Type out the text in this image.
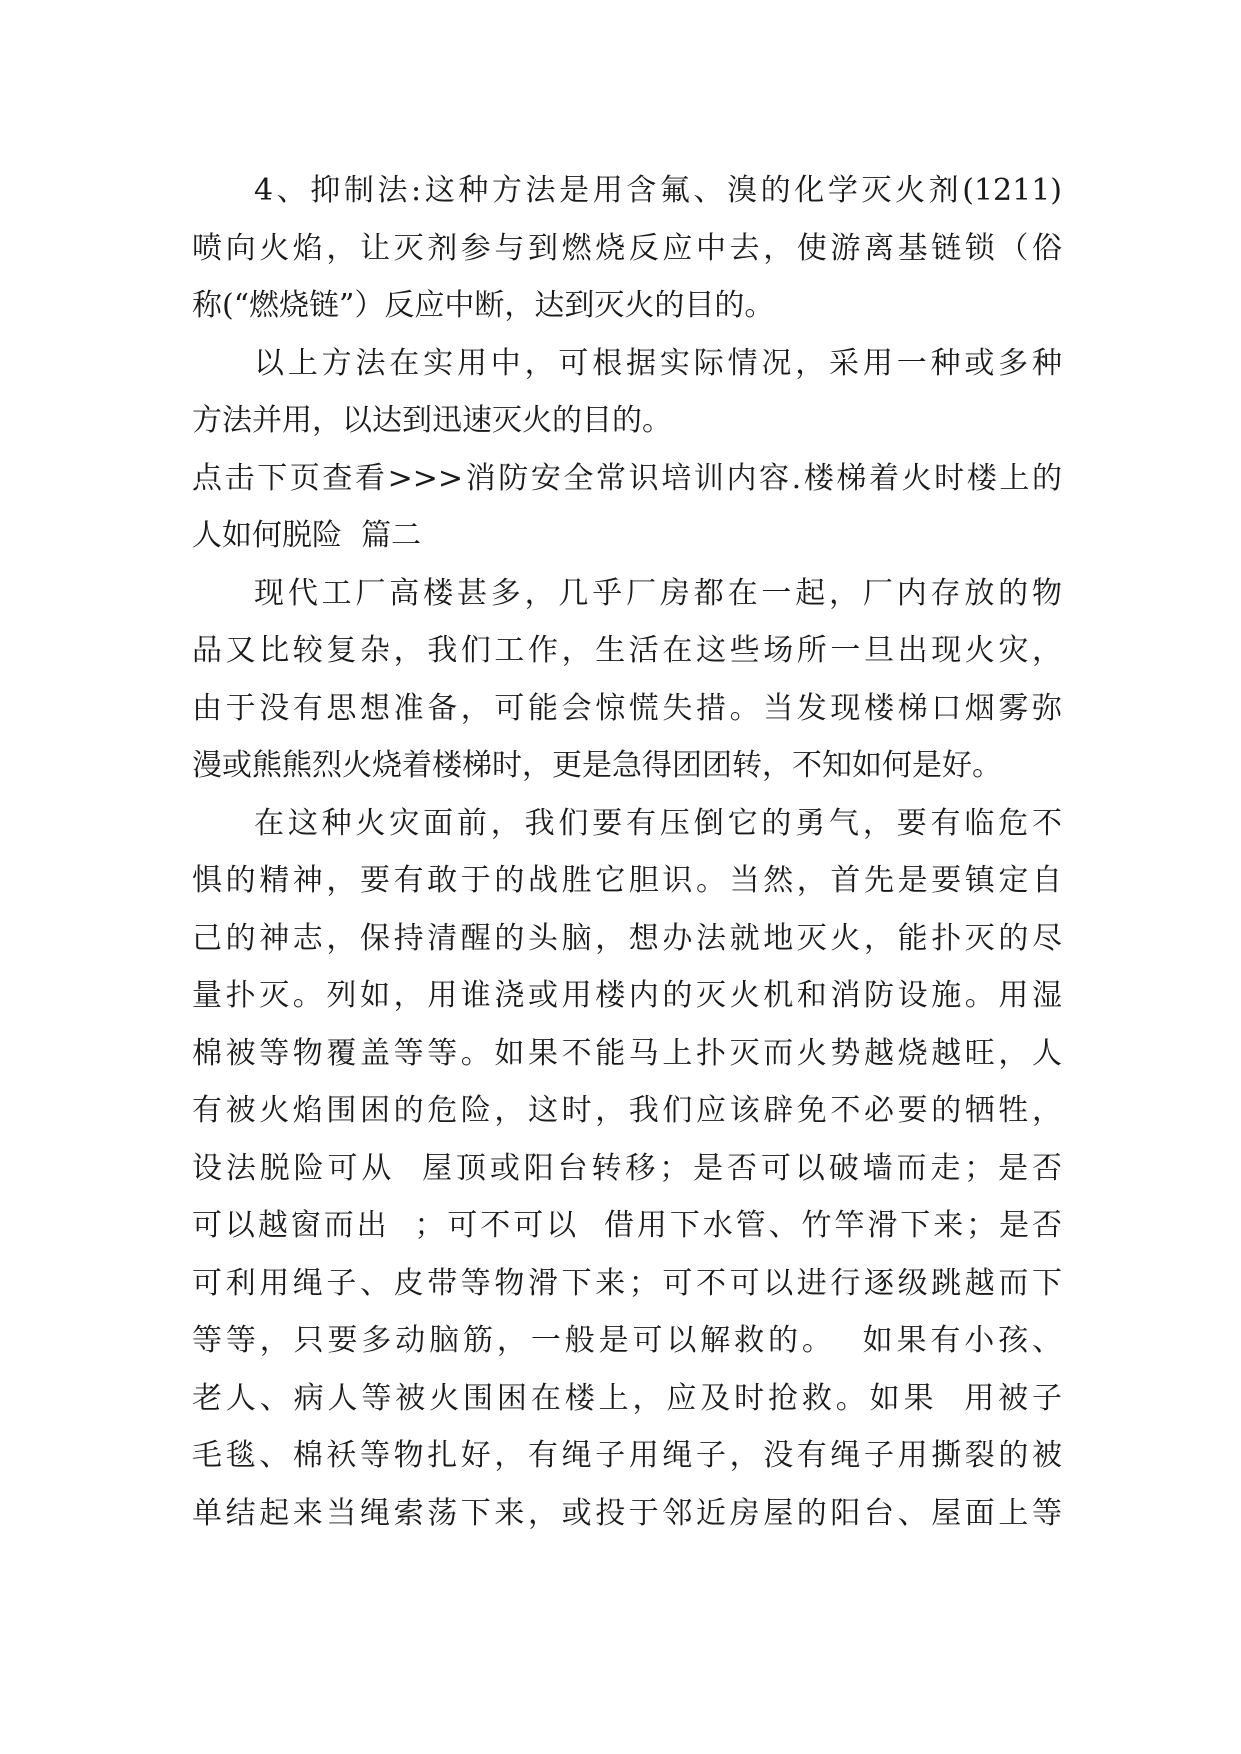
4、抑制法:这种方法是用含氟、溴的化学灭火剂(1211)
喷向火焰，让灭剂参与到燃烧反应中去，使游离基链锁（俗
称(“燃烧链”）反应中断，达到灭火的目的。
以上方法在实用中，可根据实际情况，采用一种或多种
方法并用，以达到迅速灭火的目的。
点击下页查看>>>消防安全常识培训内容.楼梯着火时楼上的
人如何脱险  篇二
现代工厂高楼甚多，几乎厂房都在一起，厂内存放的物
品又比较复杂，我们工作，生活在这些场所一旦出现火灾，
由于没有思想准备，可能会惊慌失措。当发现楼梯口烟雾弥
漫或熊熊烈火烧着楼梯时，更是急得团团转，不知如何是好。
在这种火灾面前，我们要有压倒它的勇气，要有临危不
惧的精神，要有敢于的战胜它胆识。当然，首先是要镇定自
己的神志，保持清醒的头脑，想办法就地灭火，能扑灭的尽
量扑灭。列如，用谁浇或用楼内的灭火机和消防设施。用湿
棉被等物覆盖等等。如果不能马上扑灭而火势越烧越旺，人
有被火焰围困的危险，这时，我们应该辟免不必要的牺牲，
设法脱险可从  屋顶或阳台转移；是否可以破墙而走；是否
可以越窗而出  ；可不可以  借用下水管、竹竿滑下来；是否
可利用绳子、皮带等物滑下来；可不可以进行逐级跳越而下
等等，只要多动脑筋，一般是可以解救的。  如果有小孩、
老人、病人等被火围困在楼上，应及时抢救。如果  用被子
毛毯、棉袄等物扎好，有绳子用绳子，没有绳子用撕裂的被
单结起来当绳索荡下来，或投于邻近房屋的阳台、屋面上等
